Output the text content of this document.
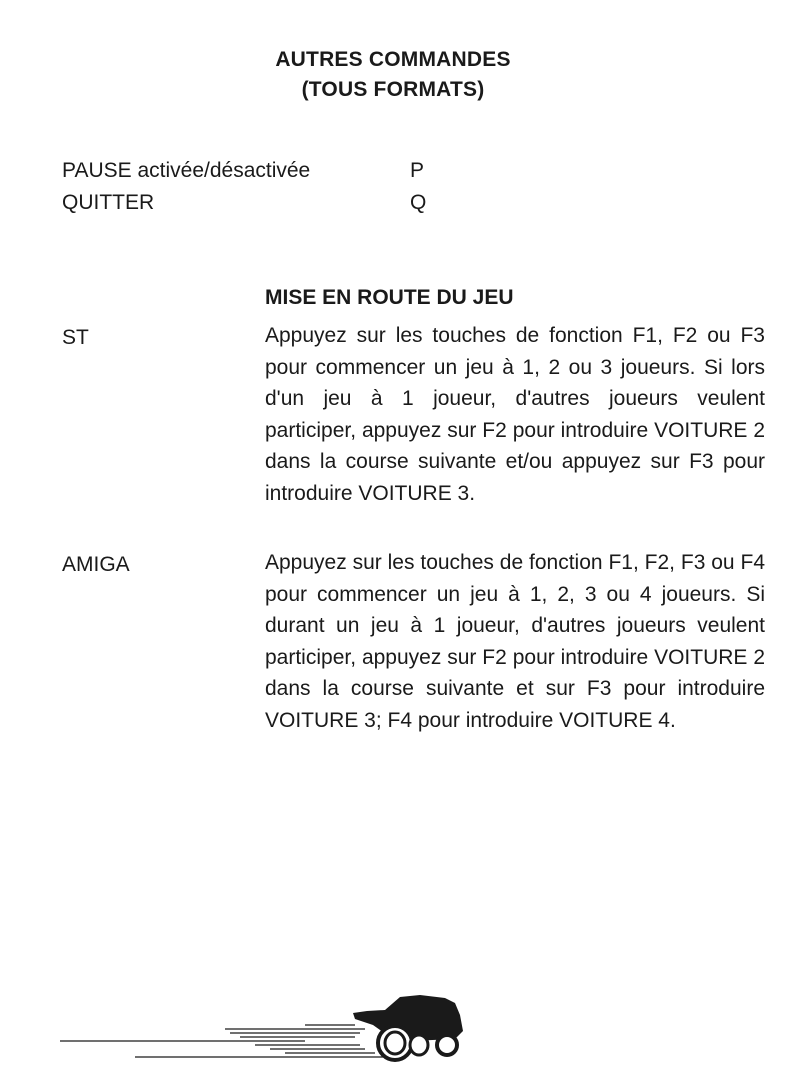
AUTRES COMMANDES
(TOUS FORMATS)
PAUSE activée/désactivée	P
QUITTER	Q
MISE EN ROUTE DU JEU
ST	Appuyez sur les touches de fonction F1, F2 ou F3 pour commencer un jeu à 1, 2 ou 3 joueurs. Si lors d'un jeu à 1 joueur, d'autres joueurs veulent participer, appuyez sur F2 pour introduire VOITURE 2 dans la course suivante et/ou appuyez sur F3 pour introduire VOITURE 3.
AMIGA	Appuyez sur les touches de fonction F1, F2, F3 ou F4 pour commencer un jeu à 1, 2, 3 ou 4 joueurs. Si durant un jeu à 1 joueur, d'autres joueurs veulent participer, appuyez sur F2 pour introduire VOITURE 2 dans la course suivante et sur F3 pour introduire VOITURE 3; F4 pour introduire VOITURE 4.
